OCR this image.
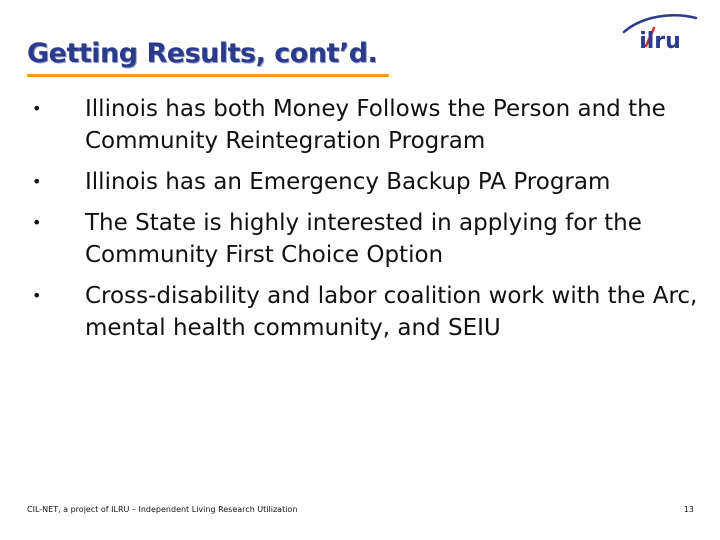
Getting Results, cont’d.	ilru
•	Illinois has both Money Follows the Person and the Community Reintegration Program
•	Illinois has an Emergency Backup PA Program
•	The State is highly interested in applying for the Community First Choice Option
•	Cross-disability and labor coalition work with the Arc, mental health community, and SEIU
CIL-NET, a project of ILRU – Independent Living Research Utilization	13
